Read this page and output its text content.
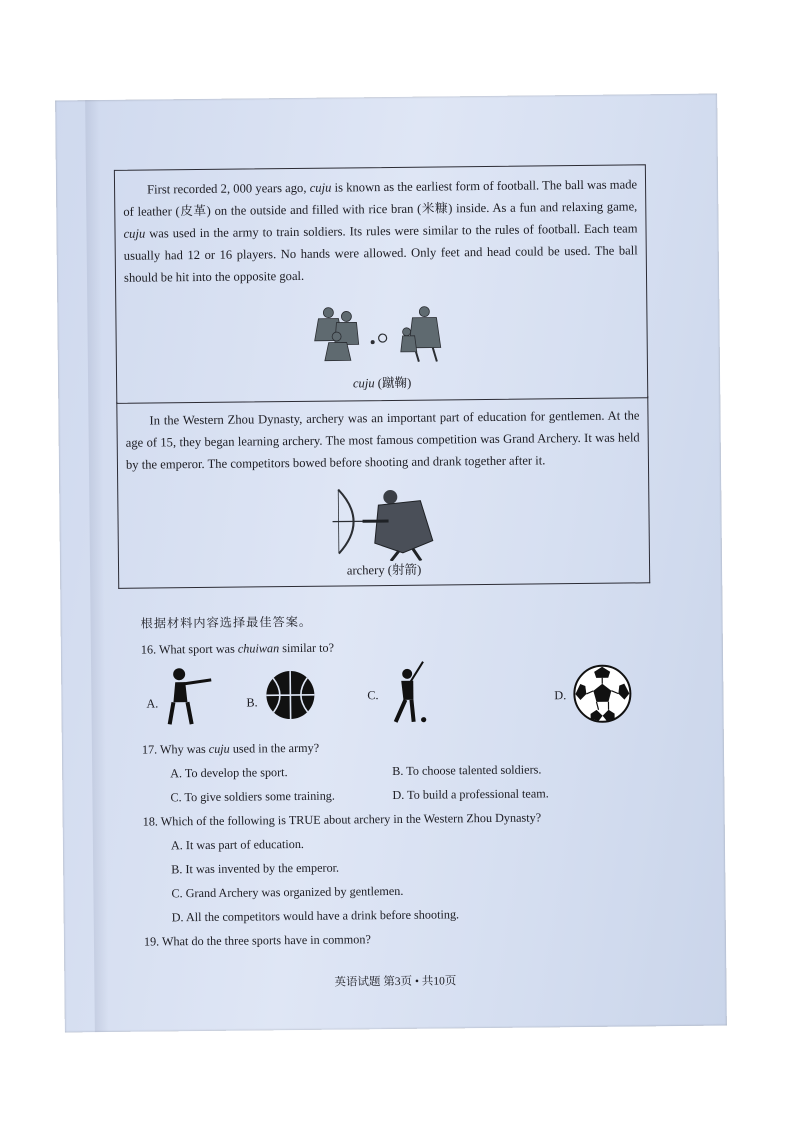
First recorded 2, 000 years ago, cuju is known as the earliest form of football. The ball was made of leather (皮革) on the outside and filled with rice bran (米糠) inside. As a fun and relaxing game, cuju was used in the army to train soldiers. Its rules were similar to the rules of football. Each team usually had 12 or 16 players. No hands were allowed. Only feet and head could be used. The ball should be hit into the opposite goal.

cuju (蹴鞠)

In the Western Zhou Dynasty, archery was an important part of education for gentlemen. At the age of 15, they began learning archery. The most famous competition was Grand Archery. It was held by the emperor. The competitors bowed before shooting and drank together after it.

archery (射箭)
根据材料内容选择最佳答案。
16. What sport was chuiwan similar to?
A.	B.
C.	D.
17. Why was cuju used in the army?
A. To develop the sport.	B. To choose talented soldiers.
C. To give soldiers some training.	D. To build a professional team.
18. Which of the following is TRUE about archery in the Western Zhou Dynasty?
A. It was part of education.
B. It was invented by the emperor.
C. Grand Archery was organized by gentlemen.
D. All the competitors would have a drink before shooting.
19. What do the three sports have in common?
英语试题 第3页 • 共10页
